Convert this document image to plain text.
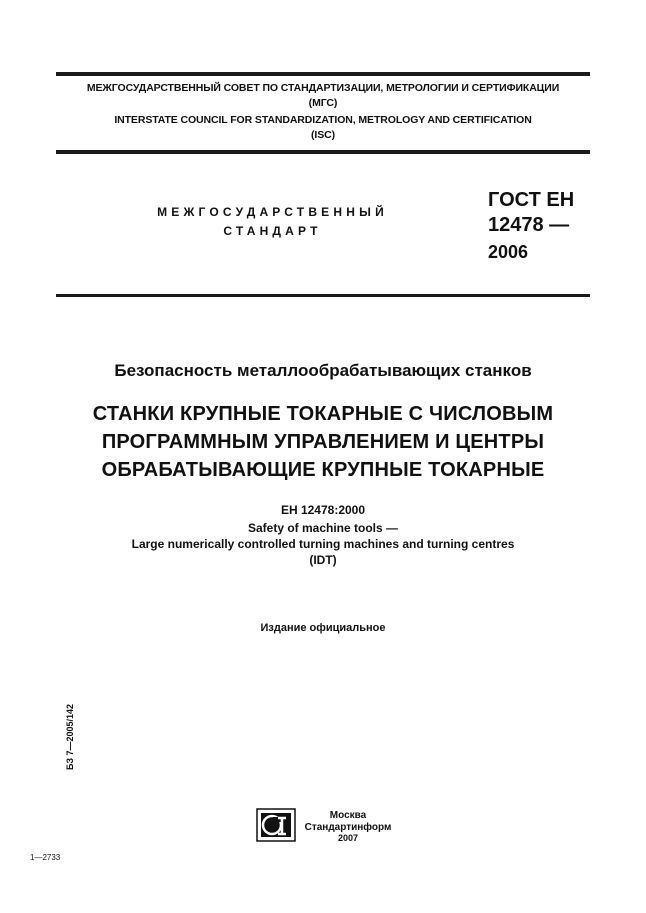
МЕЖГОСУДАРСТВЕННЫЙ СОВЕТ ПО СТАНДАРТИЗАЦИИ, МЕТРОЛОГИИ И СЕРТИФИКАЦИИ
(МГС)
INTERSTATE COUNCIL FOR STANDARDIZATION, METROLOGY AND CERTIFICATION
(ISC)
МЕЖГОСУДАРСТВЕННЫЙ
СТАНДАРТ
ГОСТ ЕН
12478 —
2006
Безопасность металлообрабатывающих станков
СТАНКИ КРУПНЫЕ ТОКАРНЫЕ С ЧИСЛОВЫМ
ПРОГРАММНЫМ УПРАВЛЕНИЕМ И ЦЕНТРЫ
ОБРАБАТЫВАЮЩИЕ КРУПНЫЕ ТОКАРНЫЕ
EH 12478:2000
Safety of machine tools —
Large numerically controlled turning machines and turning centres
(IDT)
Издание официальное
БЗ 7—2005/142
Москва
Стандартинформ
2007
1—2733
